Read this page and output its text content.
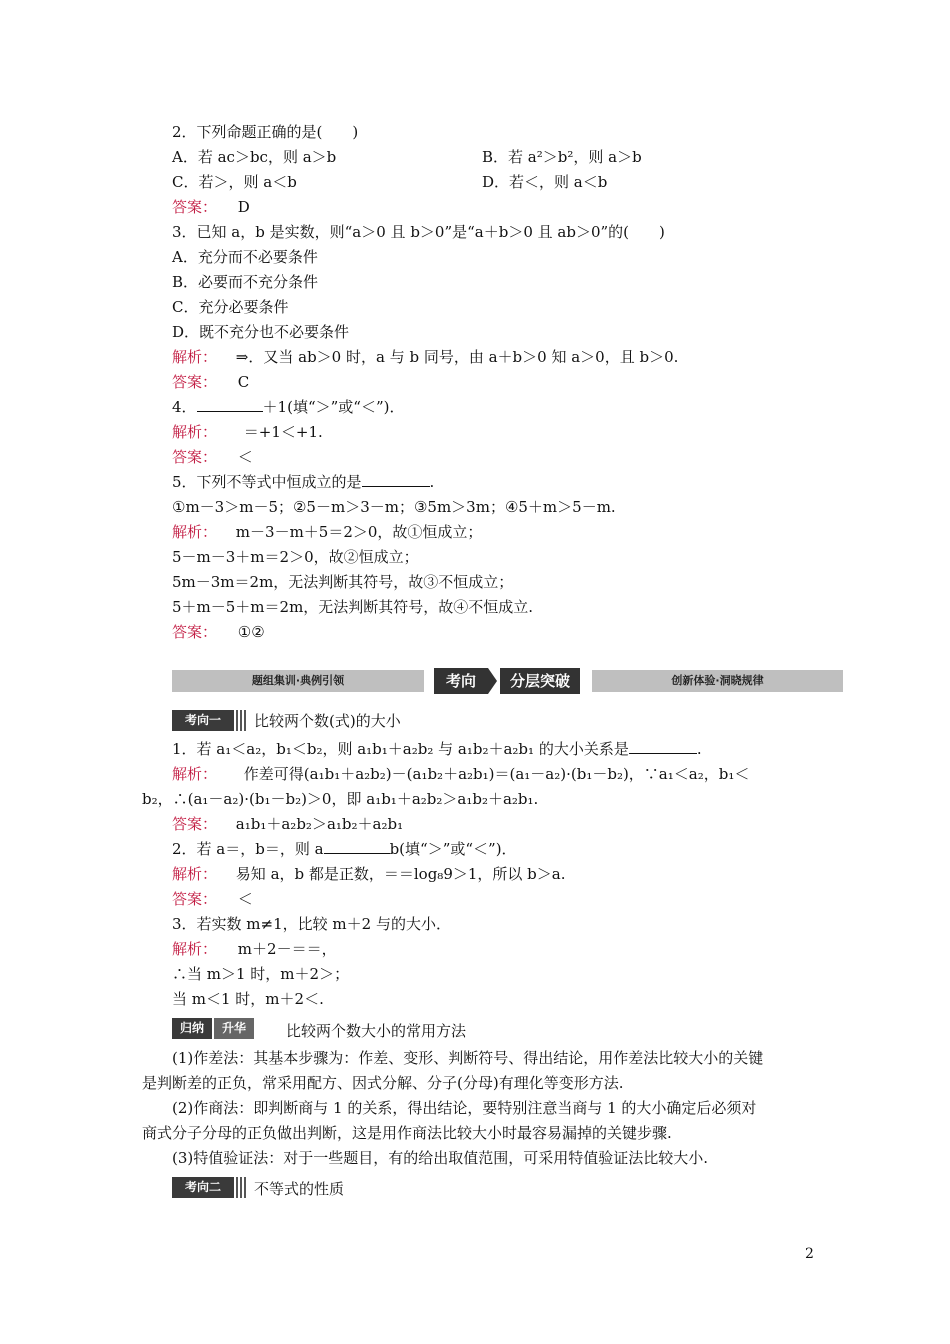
2．下列命题正确的是(　　)
A．若 ac＞bc，则 a＞b	B．若 a²＞b²，则 a＞b
C．若＞，则 a＜b	D．若＜，则 a＜b
答案： D
3．已知 a，b 是实数，则“a＞0 且 b＞0”是“a＋b＞0 且 ab＞0”的(　　)
A．充分而不必要条件
B．必要而不充分条件
C．充分必要条件
D．既不充分也不必要条件
解析： ⇒．又当 ab＞0 时，a 与 b 同号，由 a＋b＞0 知 a＞0，且 b＞0.
答案： C
4．	＋1(填“＞”或“＜”)．
解析： ＝+1＜+1.
答案： ＜
5．下列不等式中恒成立的是	.
①m－3＞m－5；②5－m＞3－m；③5m＞3m；④5＋m＞5－m.
解析： m－3－m＋5＝2＞0，故①恒成立；
5－m－3＋m＝2＞0，故②恒成立；
5m－3m＝2m，无法判断其符号，故③不恒成立；
5＋m－5＋m＝2m，无法判断其符号，故④不恒成立.
答案： ①②
题组集训·典例引领	考向	分层突破	创新体验·洞晓规律
考向一	比较两个数(式)的大小
1．若 a₁＜a₂，b₁＜b₂，则 a₁b₁＋a₂b₂ 与 a₁b₂＋a₂b₁ 的大小关系是	.
解析： 作差可得(a₁b₁＋a₂b₂)－(a₁b₂＋a₂b₁)＝(a₁－a₂)·(b₁－b₂)，∵a₁＜a₂，b₁＜
b₂，∴(a₁－a₂)·(b₁－b₂)＞0，即 a₁b₁＋a₂b₂＞a₁b₂＋a₂b₁.
答案： a₁b₁＋a₂b₂＞a₁b₂＋a₂b₁
2．若 a＝，b＝，则 a	b(填“＞”或“＜”)．
解析： 易知 a，b 都是正数，＝＝log₈9＞1，所以 b＞a.
答案： ＜
3．若实数 m≠1，比较 m＋2 与的大小．
解析： m＋2－＝＝，
∴当 m＞1 时，m＋2＞；
当 m＜1 时，m＋2＜.
归纳	升华	比较两个数大小的常用方法
(1)作差法：其基本步骤为：作差、变形、判断符号、得出结论，用作差法比较大小的关键
是判断差的正负，常采用配方、因式分解、分子(分母)有理化等变形方法.
(2)作商法：即判断商与 1 的关系，得出结论，要特别注意当商与 1 的大小确定后必须对
商式分子分母的正负做出判断，这是用作商法比较大小时最容易漏掉的关键步骤.
(3)特值验证法：对于一些题目，有的给出取值范围，可采用特值验证法比较大小.
考向二	不等式的性质
2
